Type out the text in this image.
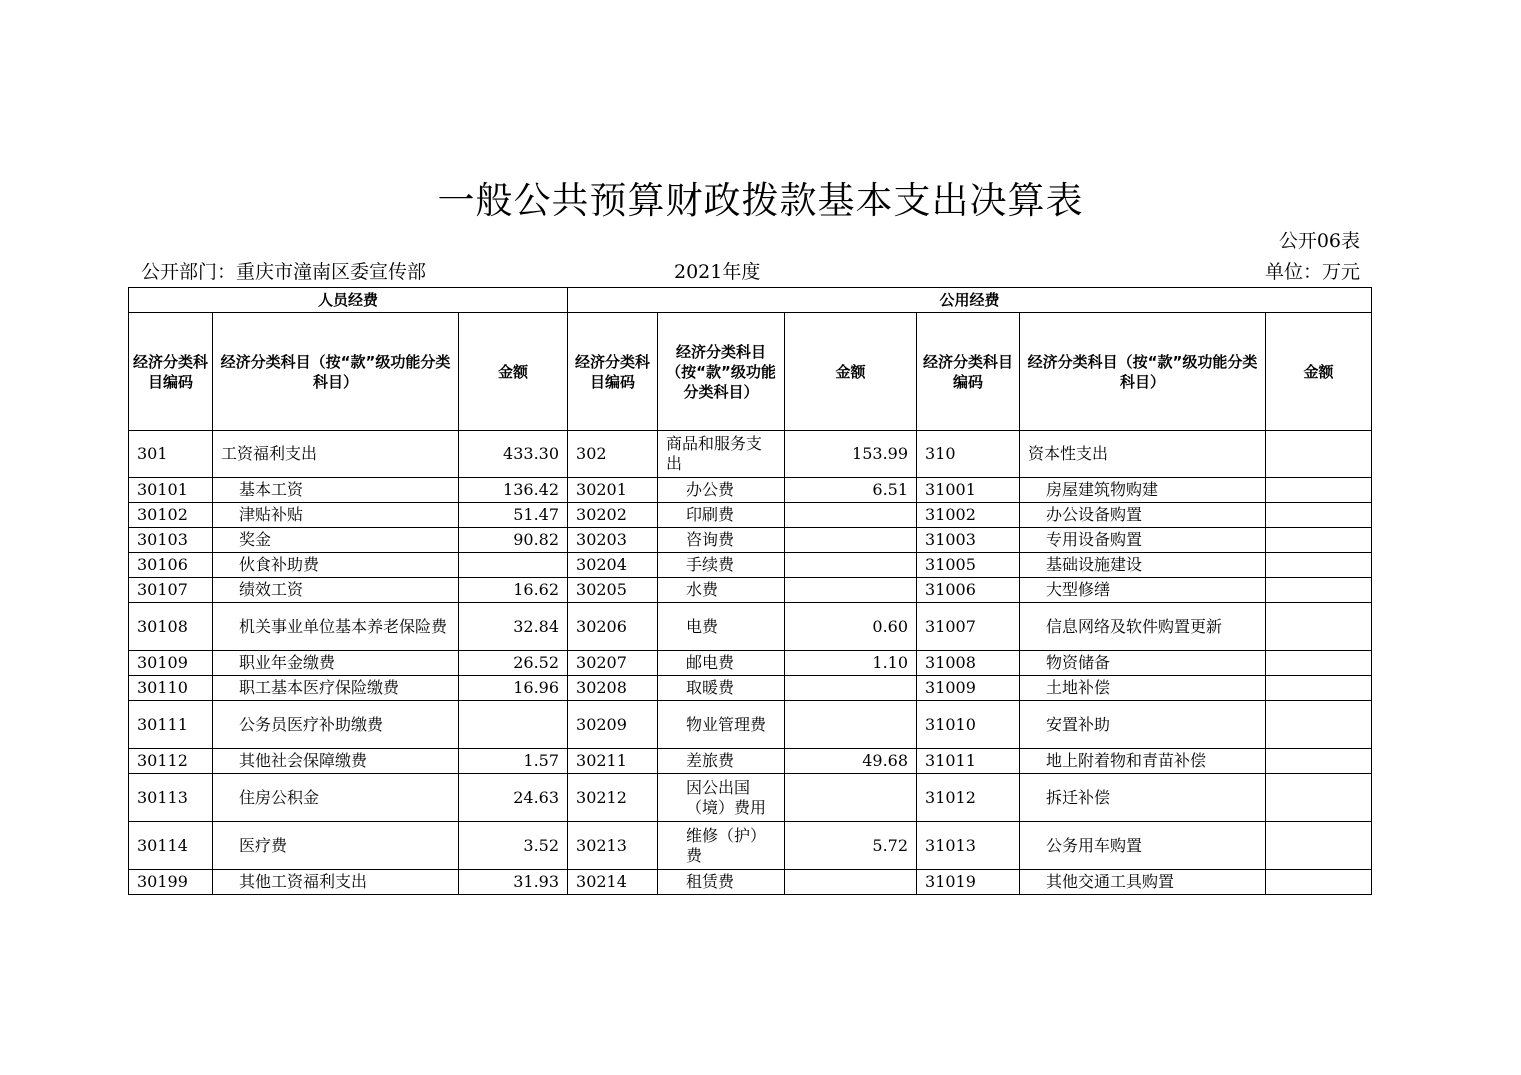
一般公共预算财政拨款基本支出决算表
公开06表
公开部门：重庆市潼南区委宣传部	2021年度	单位：万元
人员经费			公用经费					
经济分类科目编码	经济分类科目（按“款”级功能分类科目）	金额	经济分类科目编码	经济分类科目（按“款”级功能分类科目）	金额	经济分类科目编码	经济分类科目（按“款”级功能分类科目）	金额
301	工资福利支出	433.30	302	商品和服务支出	153.99	310	资本性支出	
30101	基本工资	136.42	30201	办公费	6.51	31001	房屋建筑物购建	
30102	津贴补贴	51.47	30202	印刷费		31002	办公设备购置	
30103	奖金	90.82	30203	咨询费		31003	专用设备购置	
30106	伙食补助费		30204	手续费		31005	基础设施建设	
30107	绩效工资	16.62	30205	水费		31006	大型修缮	
30108	机关事业单位基本养老保险费	32.84	30206	电费	0.60	31007	信息网络及软件购置更新	
30109	职业年金缴费	26.52	30207	邮电费	1.10	31008	物资储备	
30110	职工基本医疗保险缴费	16.96	30208	取暖费		31009	土地补偿	
30111	公务员医疗补助缴费		30209	物业管理费		31010	安置补助	
30112	其他社会保障缴费	1.57	30211	差旅费	49.68	31011	地上附着物和青苗补偿	
30113	住房公积金	24.63	30212	因公出国（境）费用		31012	拆迁补偿	
30114	医疗费	3.52	30213	维修（护）费	5.72	31013	公务用车购置	
30199	其他工资福利支出	31.93	30214	租赁费		31019	其他交通工具购置	
